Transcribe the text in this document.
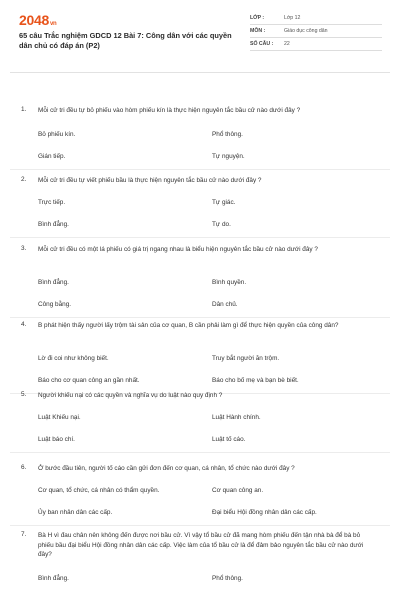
2048vn
65 câu Trắc nghiệm GDCD 12 Bài 7: Công dân với các quyền dân chủ có đáp án (P2)
LỚP :	Lớp 12
MÔN :	Giáo dục công dân
SỐ CÂU : 22
1. Mỗi cử tri đều tự bỏ phiếu vào hòm phiếu kín là thực hiện nguyên tắc bầu cử nào dưới đây ?
Bỏ phiếu kín.	Phổ thông.
Gián tiếp.	Tự nguyện.
2. Mỗi cử tri đều tự viết phiếu bầu là thực hiện nguyên tắc bầu cử nào dưới đây ?
Trực tiếp.	Tự giác.
Bình đẳng.	Tự do.
3. Mỗi cử tri đều có một lá phiếu có giá trị ngang nhau là biểu hiện nguyên tắc bầu cử nào dưới đây ?
Bình đẳng.	Bình quyền.
Công bằng.	Dân chủ.
4. B phát hiện thấy người lấy trộm tài sản của cơ quan, B cần phải làm gì để thực hiện quyền của công dân?
Lờ đi coi như không biết.	Truy bắt người ăn trộm.
Báo cho cơ quan công an gần nhất.	Báo cho bố mẹ và bạn bè biết.
5. Người khiếu nại có các quyền và nghĩa vụ do luật nào quy định ?
Luật Khiếu nại.	Luật Hành chính.
Luật báo chí.	Luật tố cáo.
6. Ở bước đầu tiên, người tố cáo cần gửi đơn đến cơ quan, cá nhân, tổ chức nào dưới đây ?
Cơ quan, tổ chức, cá nhân có thẩm quyền.	Cơ quan công an.
Ủy ban nhân dân các cấp.	Đại biểu Hội đồng nhân dân các cấp.
7. Bà H vì đau chân nên không đến được nơi bầu cử. Vì vậy tổ bầu cử đã mang hòm phiếu đến tận nhà bà để bà bỏ phiếu bầu đại biểu Hội đồng nhân dân các cấp. Việc làm của tổ bầu cử là để đảm bảo nguyên tắc bầu cử nào dưới đây?
Bình đẳng.	Phổ thông.
